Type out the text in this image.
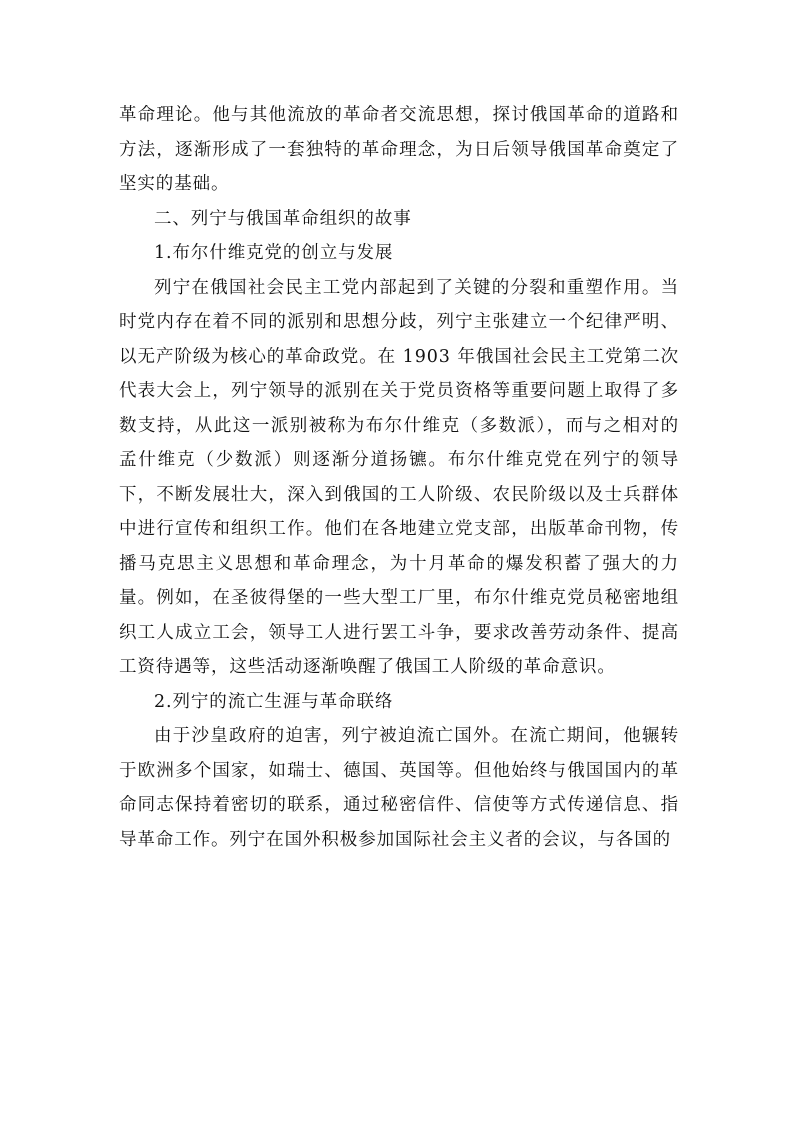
革命理论。他与其他流放的革命者交流思想，探讨俄国革命的道路和方法，逐渐形成了一套独特的革命理念，为日后领导俄国革命奠定了坚实的基础。

二、列宁与俄国革命组织的故事

1.布尔什维克党的创立与发展

列宁在俄国社会民主工党内部起到了关键的分裂和重塑作用。当时党内存在着不同的派别和思想分歧，列宁主张建立一个纪律严明、以无产阶级为核心的革命政党。在 1903 年俄国社会民主工党第二次代表大会上，列宁领导的派别在关于党员资格等重要问题上取得了多数支持，从此这一派别被称为布尔什维克（多数派），而与之相对的孟什维克（少数派）则逐渐分道扬镳。布尔什维克党在列宁的领导下，不断发展壮大，深入到俄国的工人阶级、农民阶级以及士兵群体中进行宣传和组织工作。他们在各地建立党支部，出版革命刊物，传播马克思主义思想和革命理念，为十月革命的爆发积蓄了强大的力量。例如，在圣彼得堡的一些大型工厂里，布尔什维克党员秘密地组织工人成立工会，领导工人进行罢工斗争，要求改善劳动条件、提高工资待遇等，这些活动逐渐唤醒了俄国工人阶级的革命意识。

2.列宁的流亡生涯与革命联络

由于沙皇政府的迫害，列宁被迫流亡国外。在流亡期间，他辗转于欧洲多个国家，如瑞士、德国、英国等。但他始终与俄国国内的革命同志保持着密切的联系，通过秘密信件、信使等方式传递信息、指导革命工作。列宁在国外积极参加国际社会主义者的会议，与各国的
